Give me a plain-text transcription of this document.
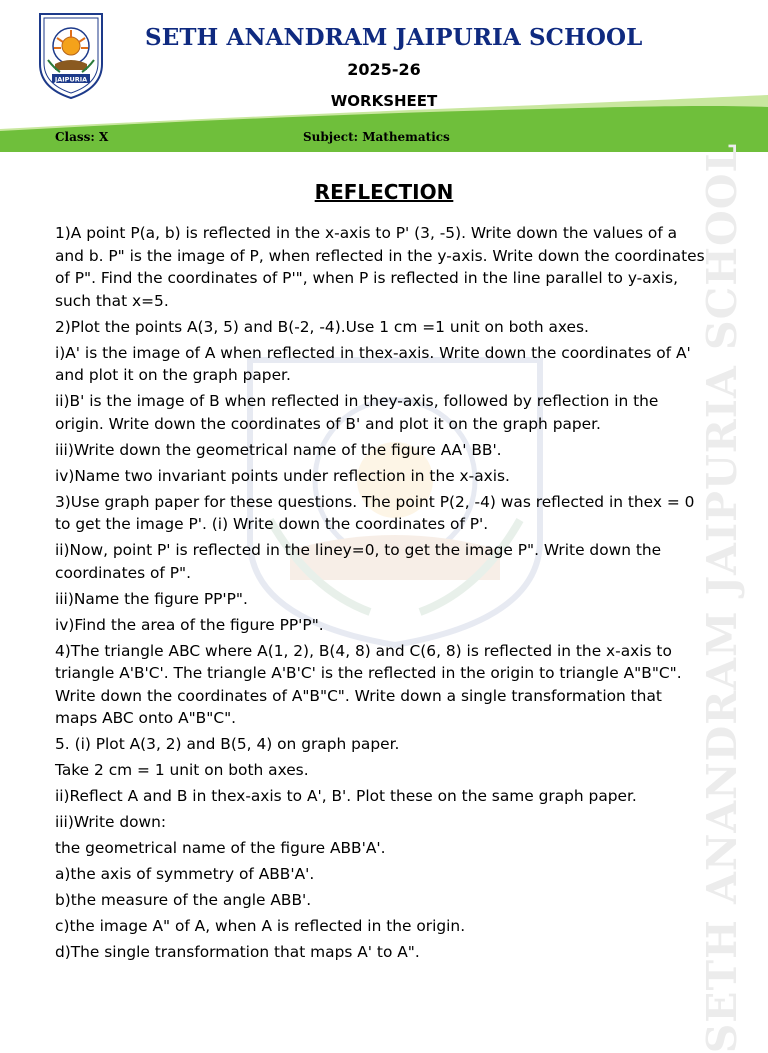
JAIPURIA
SETH ANANDRAM JAIPURIA SCHOOL
2025-26
WORKSHEET
Class: X	Subject: Mathematics
SETH ANANDRAM JAIPURIA SCHOOL
REFLECTION

1)A point P(a, b) is reflected in the x-axis to P' (3, -5). Write down the values of a and b. P" is the image of P, when reflected in the y-axis. Write down the coordinates of P". Find the coordinates of P'", when P is reflected in the line parallel to y-axis, such that x=5.

2)Plot the points A(3, 5) and B(-2, -4).Use 1 cm =1 unit on both axes.

i)A' is the image of A when reflected in thex-axis. Write down the coordinates of A' and plot it on the graph paper.

ii)B' is the image of B when reflected in they-axis, followed by reflection in the origin. Write down the coordinates of B' and plot it on the graph paper.

iii)Write down the geometrical name of the figure AA' BB'.

iv)Name two invariant points under reflection in the x-axis.

3)Use graph paper for these questions. The point P(2, -4) was reflected in thex = 0 to get the image P'. (i) Write down the coordinates of P'.

ii)Now, point P' is reflected in the liney=0, to get the image P". Write down the coordinates of P".

iii)Name the figure PP'P".

iv)Find the area of the figure PP'P".

4)The triangle ABC where A(1, 2), B(4, 8) and C(6, 8) is reflected in the x-axis to triangle A'B'C'. The triangle A'B'C' is the reflected in the origin to triangle A"B"C". Write down the coordinates of A"B"C". Write down a single transformation that maps ABC onto A"B"C".

5. (i) Plot A(3, 2) and B(5, 4) on graph paper.

Take 2 cm = 1 unit on both axes.

ii)Reflect A and B in thex-axis to A', B'. Plot these on the same graph paper.

iii)Write down:

the geometrical name of the figure ABB'A'.

a)the axis of symmetry of ABB'A'.

b)the measure of the angle ABB'.

c)the image A" of A, when A is reflected in the origin.

d)The single transformation that maps A' to A".
